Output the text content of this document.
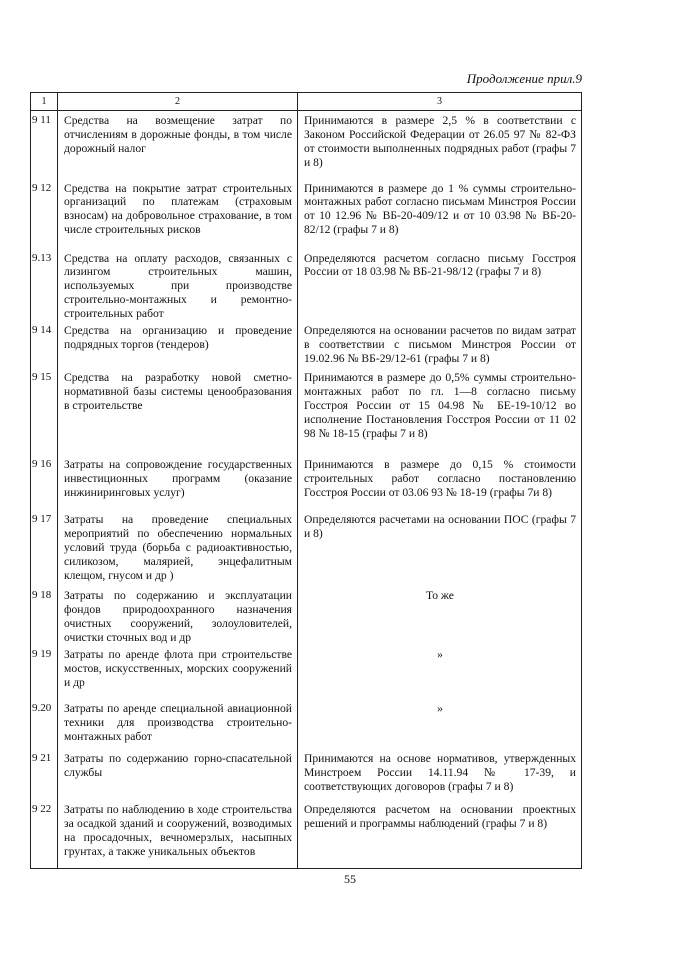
Продолжение прил.9
1	2	3
9 11	Средства на возмещение затрат по отчислениям в дорожные фонды, в том числе дорожный налог	Принимаются в размере 2,5 % в соответствии с Законом Российской Федерации от 26.05 97 № 82-ФЗ от стоимости выполненных подрядных работ (графы 7 и 8)
9 12	Средства на покрытие затрат строительных организаций по платежам (страховым взносам) на добровольное страхование, в том числе строительных рисков	Принимаются в размере до 1 % суммы строительно-монтажных работ согласно письмам Минстроя России от 10 12.96 № ВБ-20-409/12 и от 10 03.98 № ВБ-20-82/12 (графы 7 и 8)
9.13	Средства на оплату расходов, связанных с лизингом строительных машин, используемых при производстве строительно-монтажных и ремонтно-строительных работ	Определяются расчетом согласно письму Госстроя России от 18 03.98 № ВБ-21-98/12 (графы 7 и 8)
9 14	Средства на организацию и проведение подрядных торгов (тендеров)	Определяются на основании расчетов по видам затрат в соответствии с письмом Минстроя России от 19.02.96 № ВБ-29/12-61 (графы 7 и 8)
9 15	Средства на разработку новой сметно-нормативной базы системы ценообразования в строительстве	Принимаются в размере до 0,5% суммы строительно-монтажных работ по гл. 1—8 согласно письму Госстроя России от 15 04.98 № БЕ-19-10/12 во исполнение Постановления Госстроя России от 11 02 98 № 18-15 (графы 7 и 8)
9 16	Затраты на сопровождение государственных инвестиционных программ (оказание инжиниринговых услуг)	Принимаются в размере до 0,15 % стоимости строительных работ согласно постановлению Госстроя России от 03.06 93 № 18-19 (графы 7и 8)
9 17	Затраты на проведение специальных мероприятий по обеспечению нормальных условий труда (борьба с радиоактивностью, силикозом, малярией, энцефалитным клещом, гнусом и др )	Определяются расчетами на основании ПОС (графы 7 и 8)
9 18	Затраты по содержанию и эксплуатации фондов природоохранного назначения очистных сооружений, золоуловителей, очистки сточных вод и др	То же
9 19	Затраты по аренде флота при строительстве мостов, искусственных, морских сооружений и др	»
9.20	Затраты по аренде специальной авиационной техники для производства строительно-монтажных работ	»
9 21	Затраты по содержанию горно-спасательной службы	Принимаются на основе нормативов, утвержденных Минстроем России 14.11.94 № 17-39, и соответствующих договоров (графы 7 и 8)
9 22	Затраты по наблюдению в ходе строительства за осадкой зданий и сооружений, возводимых на просадочных, вечномерзлых, насыпных грунтах, а также уникальных объектов	Определяются расчетом на основании проектных решений и программы наблюдений (графы 7 и 8)
55
